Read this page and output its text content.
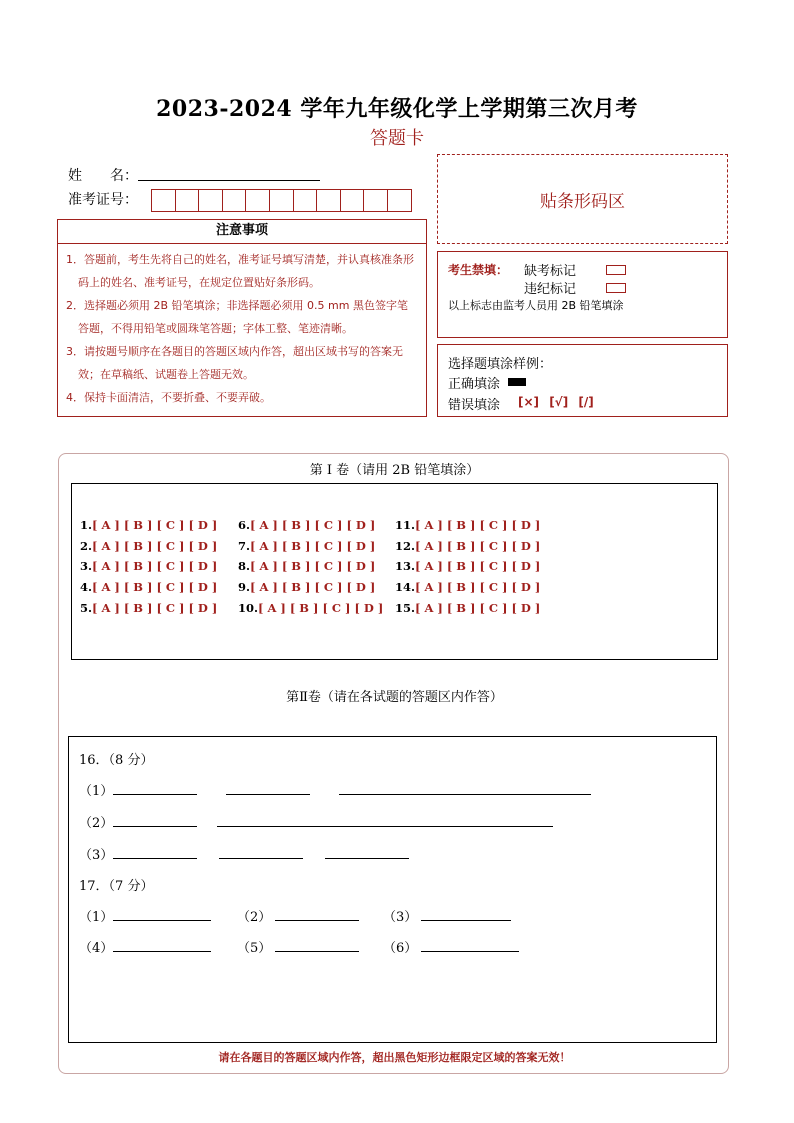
2023-2024 学年九年级化学上学期第三次月考
答题卡
姓　　名：
准考证号：	贴条形码区
注意事项
1．答题前，考生先将自己的姓名，准考证号填写清楚，并认真核准条形码上的姓名、准考证号，在规定位置贴好条形码。
2．选择题必须用 2B 铅笔填涂；非选择题必须用 0.5 mm 黑色签字笔答题，不得用铅笔或圆珠笔答题；字体工整、笔迹清晰。
3．请按题号顺序在各题目的答题区域内作答，超出区域书写的答案无效；在草稿纸、试题卷上答题无效。
4．保持卡面清洁，不要折叠、不要弄破。
考生禁填： 缺考标记
违纪标记
以上标志由监考人员用 2B 铅笔填涂
选择题填涂样例：
正确填涂
错误填涂 [×] [√] [/]
第 I 卷（请用 2B 铅笔填涂）
1.[ A ] [ B ] [ C ] [ D ]
2.[ A ] [ B ] [ C ] [ D ]
3.[ A ] [ B ] [ C ] [ D ]
4.[ A ] [ B ] [ C ] [ D ]
5.[ A ] [ B ] [ C ] [ D ]
6.[ A ] [ B ] [ C ] [ D ]
7.[ A ] [ B ] [ C ] [ D ]
8.[ A ] [ B ] [ C ] [ D ]
9.[ A ] [ B ] [ C ] [ D ]
10.[ A ] [ B ] [ C ] [ D ]
11.[ A ] [ B ] [ C ] [ D ]
12.[ A ] [ B ] [ C ] [ D ]
13.[ A ] [ B ] [ C ] [ D ]
14.[ A ] [ B ] [ C ] [ D ]
15.[ A ] [ B ] [ C ] [ D ]
第Ⅱ卷（请在各试题的答题区内作答）
16．（8 分）
（1）
（2）
（3）
17．（7 分）
（1）	（2）	（3）
（4）	（5）	（6）
请在各题目的答题区域内作答，超出黑色矩形边框限定区域的答案无效！
